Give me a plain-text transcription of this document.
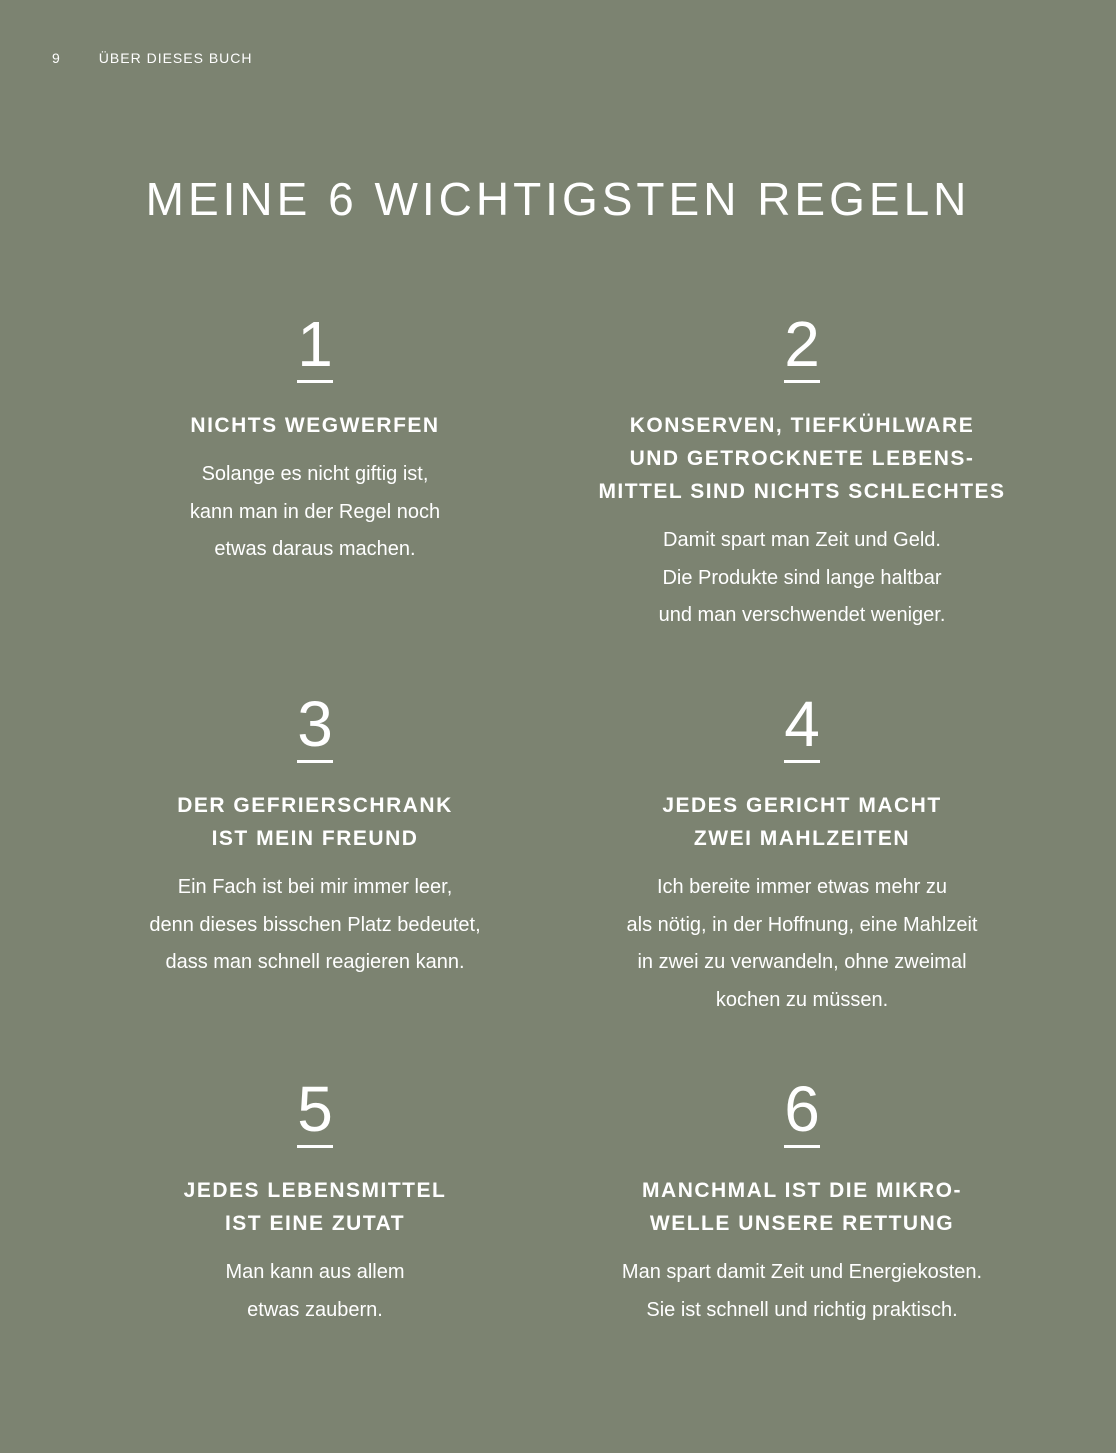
9	ÜBER DIESES BUCH
MEINE 6 WICHTIGSTEN REGELN
1
NICHTS WEGWERFEN
Solange es nicht giftig ist,
kann man in der Regel noch
etwas daraus machen.
2
KONSERVEN, TIEFKÜHLWARE
UND GETROCKNETE LEBENS-
MITTEL SIND NICHTS SCHLECHTES
Damit spart man Zeit und Geld.
Die Produkte sind lange haltbar
und man verschwendet weniger.
3
DER GEFRIERSCHRANK
IST MEIN FREUND
Ein Fach ist bei mir immer leer,
denn dieses bisschen Platz bedeutet,
dass man schnell reagieren kann.
4
JEDES GERICHT MACHT
ZWEI MAHLZEITEN
Ich bereite immer etwas mehr zu
als nötig, in der Hoffnung, eine Mahlzeit
in zwei zu verwandeln, ohne zweimal
kochen zu müssen.
5
JEDES LEBENSMITTEL
IST EINE ZUTAT
Man kann aus allem
etwas zaubern.
6
MANCHMAL IST DIE MIKRO-
WELLE UNSERE RETTUNG
Man spart damit Zeit und Energiekosten.
Sie ist schnell und richtig praktisch.
